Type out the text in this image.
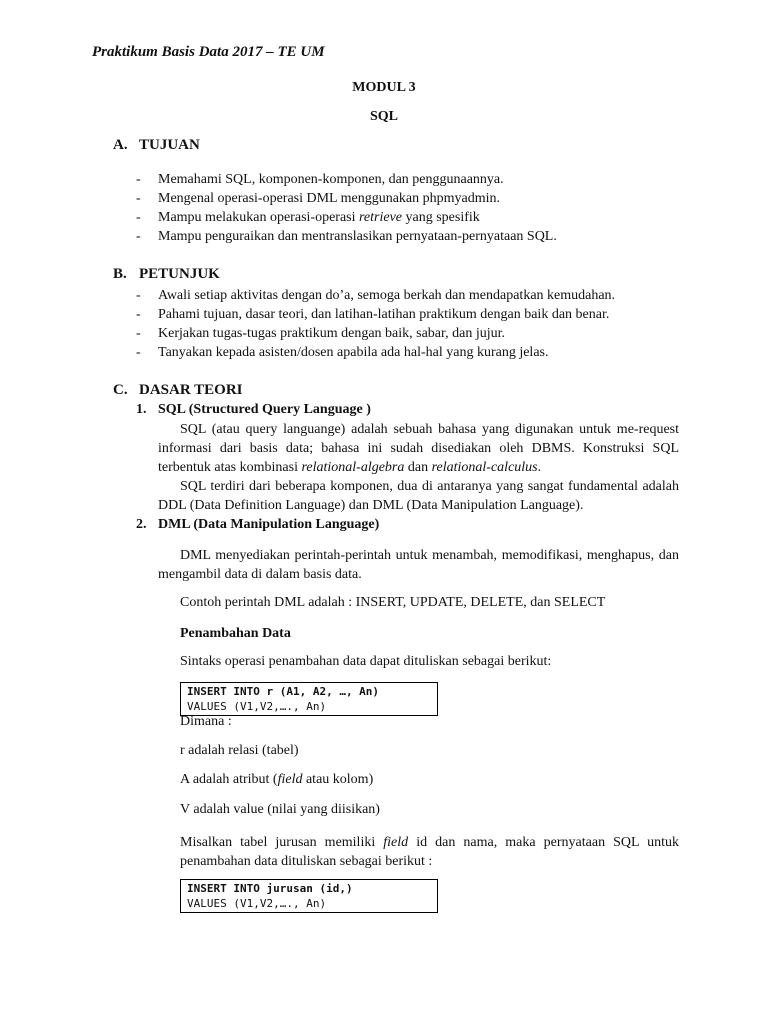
Praktikum Basis Data 2017 – TE UM
MODUL 3
SQL
A. TUJUAN
- Memahami SQL, komponen-komponen, dan penggunaannya.
- Mengenal operasi-operasi DML menggunakan phpmyadmin.
- Mampu melakukan operasi-operasi retrieve yang spesifik
- Mampu penguraikan dan mentranslasikan pernyataan-pernyataan SQL.
B. PETUNJUK
- Awali setiap aktivitas dengan do’a, semoga berkah dan mendapatkan kemudahan.
- Pahami tujuan, dasar teori, dan latihan-latihan praktikum dengan baik dan benar.
- Kerjakan tugas-tugas praktikum dengan baik, sabar, dan jujur.
- Tanyakan kepada asisten/dosen apabila ada hal-hal yang kurang jelas.
C. DASAR TEORI
1. SQL (Structured Query Language )
SQL (atau query languange) adalah sebuah bahasa yang digunakan untuk me-request informasi dari basis data; bahasa ini sudah disediakan oleh DBMS. Konstruksi SQL terbentuk atas kombinasi relational-algebra dan relational-calculus.
SQL terdiri dari beberapa komponen, dua di antaranya yang sangat fundamental adalah DDL (Data Definition Language) dan DML (Data Manipulation Language).
2. DML (Data Manipulation Language)
DML menyediakan perintah-perintah untuk menambah, memodifikasi, menghapus, dan mengambil data di dalam basis data.
Contoh perintah DML adalah : INSERT, UPDATE, DELETE, dan SELECT
Penambahan Data
Sintaks operasi penambahan data dapat dituliskan sebagai berikut:
INSERT INTO r (A1, A2, …, An)
VALUES (V1,V2,…., An)
Dimana :
r adalah relasi (tabel)
A adalah atribut (field atau kolom)
V adalah value (nilai yang diisikan)
Misalkan tabel jurusan memiliki field id dan nama, maka pernyataan SQL untuk penambahan data dituliskan sebagai berikut :
INSERT INTO jurusan (id,)
VALUES (V1,V2,…., An)
